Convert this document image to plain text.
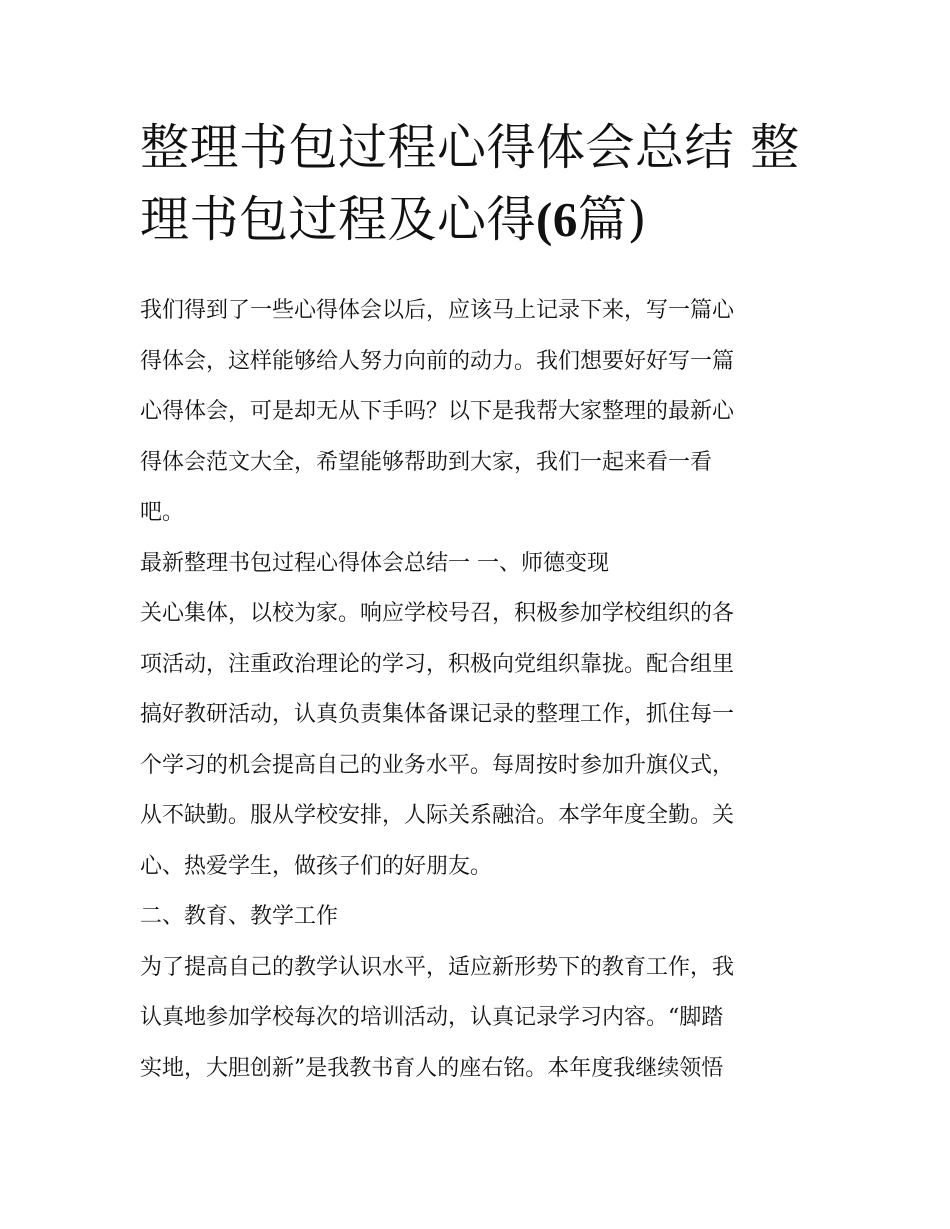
整理书包过程心得体会总结 整
理书包过程及心得(6篇)
我们得到了一些心得体会以后，应该马上记录下来，写一篇心
得体会，这样能够给人努力向前的动力。我们想要好好写一篇
心得体会，可是却无从下手吗？以下是我帮大家整理的最新心
得体会范文大全，希望能够帮助到大家，我们一起来看一看
吧。
最新整理书包过程心得体会总结一 一、师德变现
关心集体，以校为家。响应学校号召，积极参加学校组织的各
项活动，注重政治理论的学习，积极向党组织靠拢。配合组里
搞好教研活动，认真负责集体备课记录的整理工作，抓住每一
个学习的机会提高自己的业务水平。每周按时参加升旗仪式，
从不缺勤。服从学校安排，人际关系融洽。本学年度全勤。关
心、热爱学生，做孩子们的好朋友。
二、教育、教学工作
为了提高自己的教学认识水平，适应新形势下的教育工作，我
认真地参加学校每次的培训活动，认真记录学习内容。“脚踏
实地，大胆创新”是我教书育人的座右铭。本年度我继续领悟
